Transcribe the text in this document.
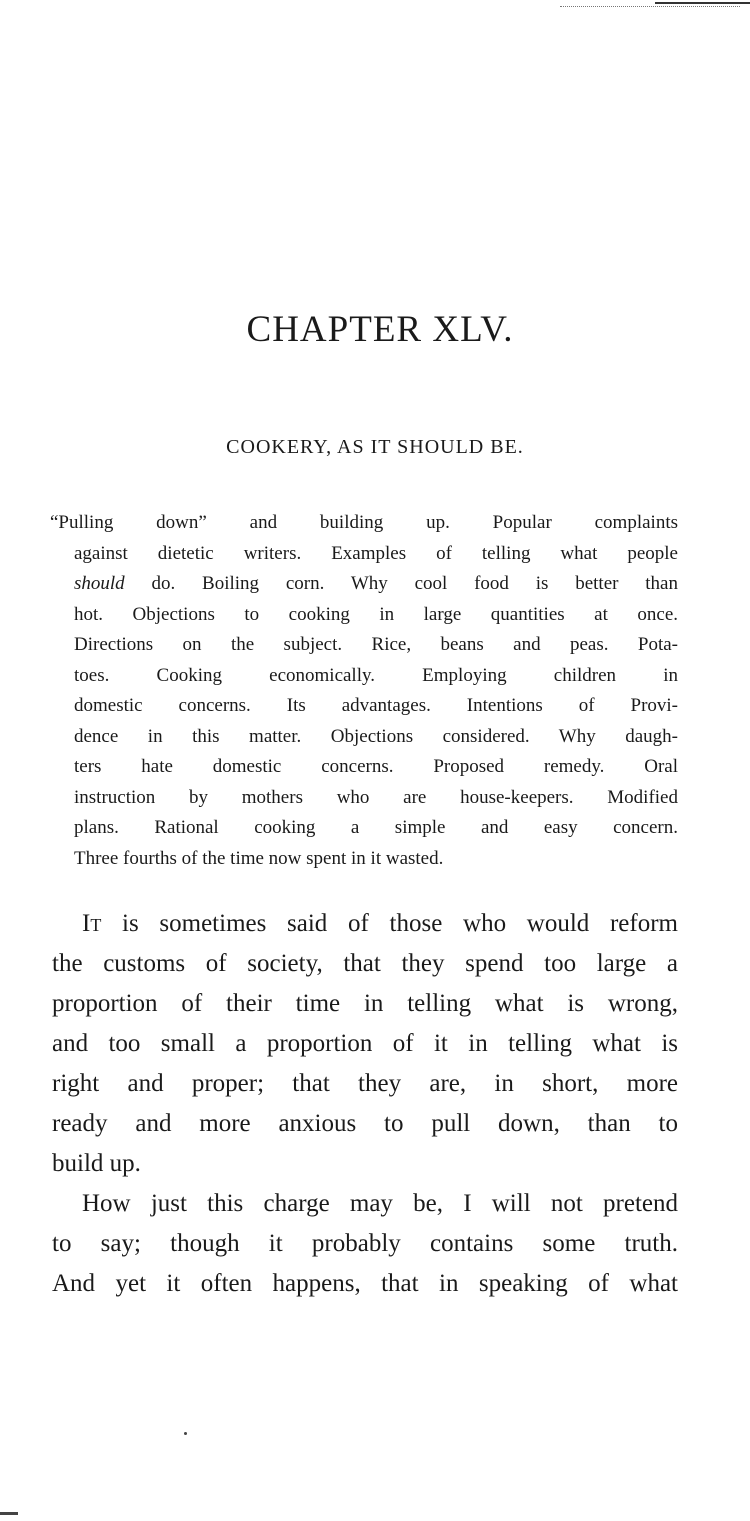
CHAPTER XLV.
COOKERY, AS IT SHOULD BE.
“Pulling down” and building up. Popular complaints
against dietetic writers. Examples of telling what people
should do. Boiling corn. Why cool food is better than
hot. Objections to cooking in large quantities at once.
Directions on the subject. Rice, beans and peas. Pota-
toes. Cooking economically. Employing children in
domestic concerns. Its advantages. Intentions of Provi-
dence in this matter. Objections considered. Why daugh-
ters hate domestic concerns. Proposed remedy. Oral
instruction by mothers who are house-keepers. Modified
plans. Rational cooking a simple and easy concern.
Three fourths of the time now spent in it wasted.
It is sometimes said of those who would reform
the customs of society, that they spend too large a
proportion of their time in telling what is wrong,
and too small a proportion of it in telling what is
right and proper; that they are, in short, more
ready and more anxious to pull down, than to
build up.
How just this charge may be, I will not pretend
to say; though it probably contains some truth.
And yet it often happens, that in speaking of what
